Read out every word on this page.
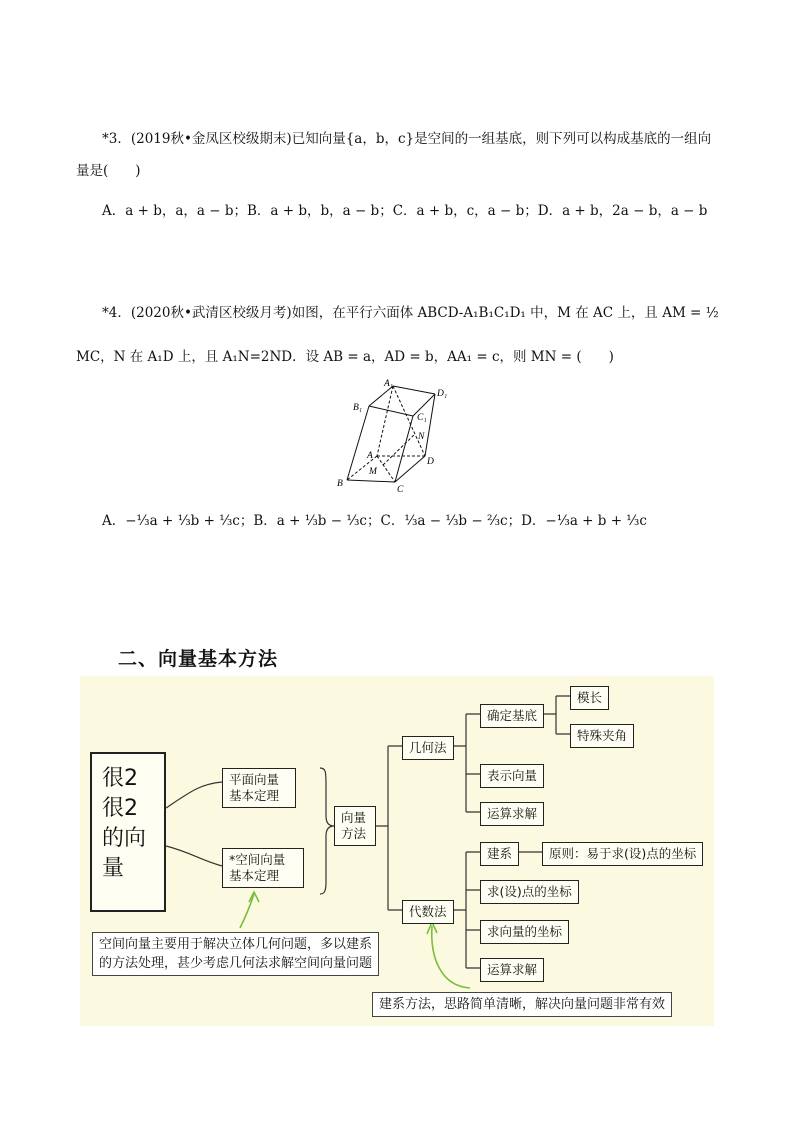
*3．(2019秋•金凤区校级期末)已知向量{a，b，c}是空间的一组基底，则下列可以构成基底的一组向
量是(　　)
A．a + b，a，a − b；B．a + b，b，a − b；C．a + b，c，a − b；D．a + b，2a − b，a − b
*4．(2020秋•武清区校级月考)如图，在平行六面体 ABCD-A₁B₁C₁D₁ 中，M 在 AC 上，且 AM = ½
MC，N 在 A₁D 上，且 A₁N=2ND．设 AB = a，AD = b，AA₁ = c，则 MN = (　　)
A₁
D₁
B₁
C₁
N
A
D
M
B
C
A．−⅓a + ⅓b + ⅓c；B．a + ⅓b − ⅓c；C．⅓a − ⅓b − ⅔c；D．−⅓a + b + ⅓c
二、向量基本方法
很2很2的向量
平面向量基本定理
*空间向量基本定理
向量方法
几何法
代数法
确定基底
表示向量
运算求解
模长
特殊夹角
建系	原则：易于求(设)点的坐标
求(设)点的坐标
求向量的坐标
运算求解
空间向量主要用于解决立体几何问题，多以建系
的方法处理，甚少考虑几何法求解空间向量问题
建系方法，思路简单清晰，解决向量问题非常有效
